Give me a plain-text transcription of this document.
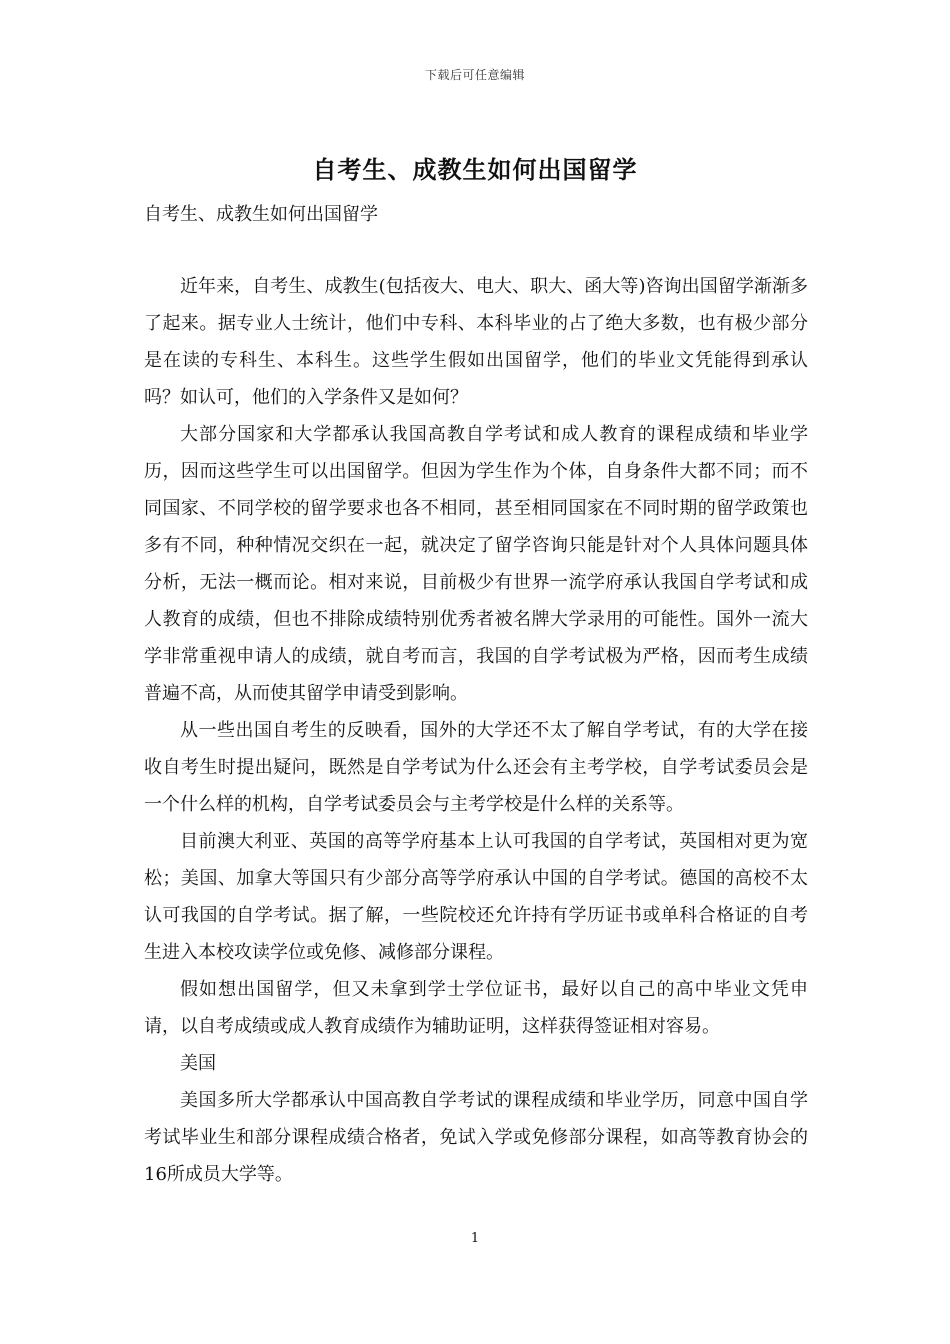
下载后可任意编辑
自考生、成教生如何出国留学
自考生、成教生如何出国留学

近年来，自考生、成教生(包括夜大、电大、职大、函大等)咨询出国留学渐渐多了起来。据专业人士统计，他们中专科、本科毕业的占了绝大多数，也有极少部分是在读的专科生、本科生。这些学生假如出国留学，他们的毕业文凭能得到承认吗？如认可，他们的入学条件又是如何？

大部分国家和大学都承认我国高教自学考试和成人教育的课程成绩和毕业学历，因而这些学生可以出国留学。但因为学生作为个体，自身条件大都不同；而不同国家、不同学校的留学要求也各不相同，甚至相同国家在不同时期的留学政策也多有不同，种种情况交织在一起，就决定了留学咨询只能是针对个人具体问题具体分析，无法一概而论。相对来说，目前极少有世界一流学府承认我国自学考试和成人教育的成绩，但也不排除成绩特别优秀者被名牌大学录用的可能性。国外一流大学非常重视申请人的成绩，就自考而言，我国的自学考试极为严格，因而考生成绩普遍不高，从而使其留学申请受到影响。

从一些出国自考生的反映看，国外的大学还不太了解自学考试，有的大学在接收自考生时提出疑问，既然是自学考试为什么还会有主考学校，自学考试委员会是一个什么样的机构，自学考试委员会与主考学校是什么样的关系等。

目前澳大利亚、英国的高等学府基本上认可我国的自学考试，英国相对更为宽松；美国、加拿大等国只有少部分高等学府承认中国的自学考试。德国的高校不太认可我国的自学考试。据了解，一些院校还允许持有学历证书或单科合格证的自考生进入本校攻读学位或免修、减修部分课程。

假如想出国留学，但又未拿到学士学位证书，最好以自己的高中毕业文凭申请，以自考成绩或成人教育成绩作为辅助证明，这样获得签证相对容易。

美国

美国多所大学都承认中国高教自学考试的课程成绩和毕业学历，同意中国自学考试毕业生和部分课程成绩合格者，免试入学或免修部分课程，如高等教育协会的16所成员大学等。

1
